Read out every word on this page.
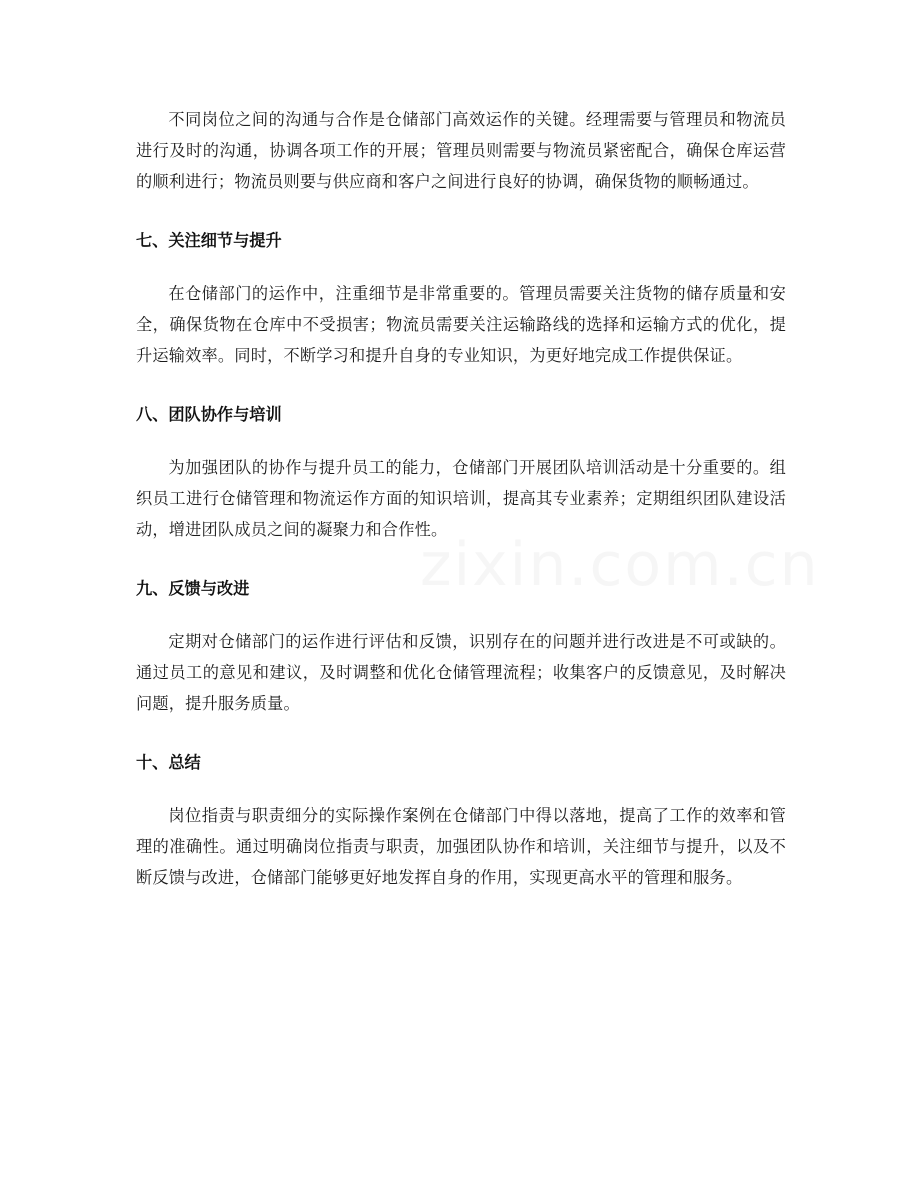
不同岗位之间的沟通与合作是仓储部门高效运作的关键。经理需要与管理员和物流员进行及时的沟通，协调各项工作的开展；管理员则需要与物流员紧密配合，确保仓库运营的顺利进行；物流员则要与供应商和客户之间进行良好的协调，确保货物的顺畅通过。

七、关注细节与提升

在仓储部门的运作中，注重细节是非常重要的。管理员需要关注货物的储存质量和安全，确保货物在仓库中不受损害；物流员需要关注运输路线的选择和运输方式的优化，提升运输效率。同时，不断学习和提升自身的专业知识，为更好地完成工作提供保证。

八、团队协作与培训

为加强团队的协作与提升员工的能力，仓储部门开展团队培训活动是十分重要的。组织员工进行仓储管理和物流运作方面的知识培训，提高其专业素养；定期组织团队建设活动，增进团队成员之间的凝聚力和合作性。

九、反馈与改进

定期对仓储部门的运作进行评估和反馈，识别存在的问题并进行改进是不可或缺的。通过员工的意见和建议，及时调整和优化仓储管理流程；收集客户的反馈意见，及时解决问题，提升服务质量。

十、总结

岗位指责与职责细分的实际操作案例在仓储部门中得以落地，提高了工作的效率和管理的准确性。通过明确岗位指责与职责，加强团队协作和培训，关注细节与提升，以及不断反馈与改进，仓储部门能够更好地发挥自身的作用，实现更高水平的管理和服务。

zixin.com.cn
